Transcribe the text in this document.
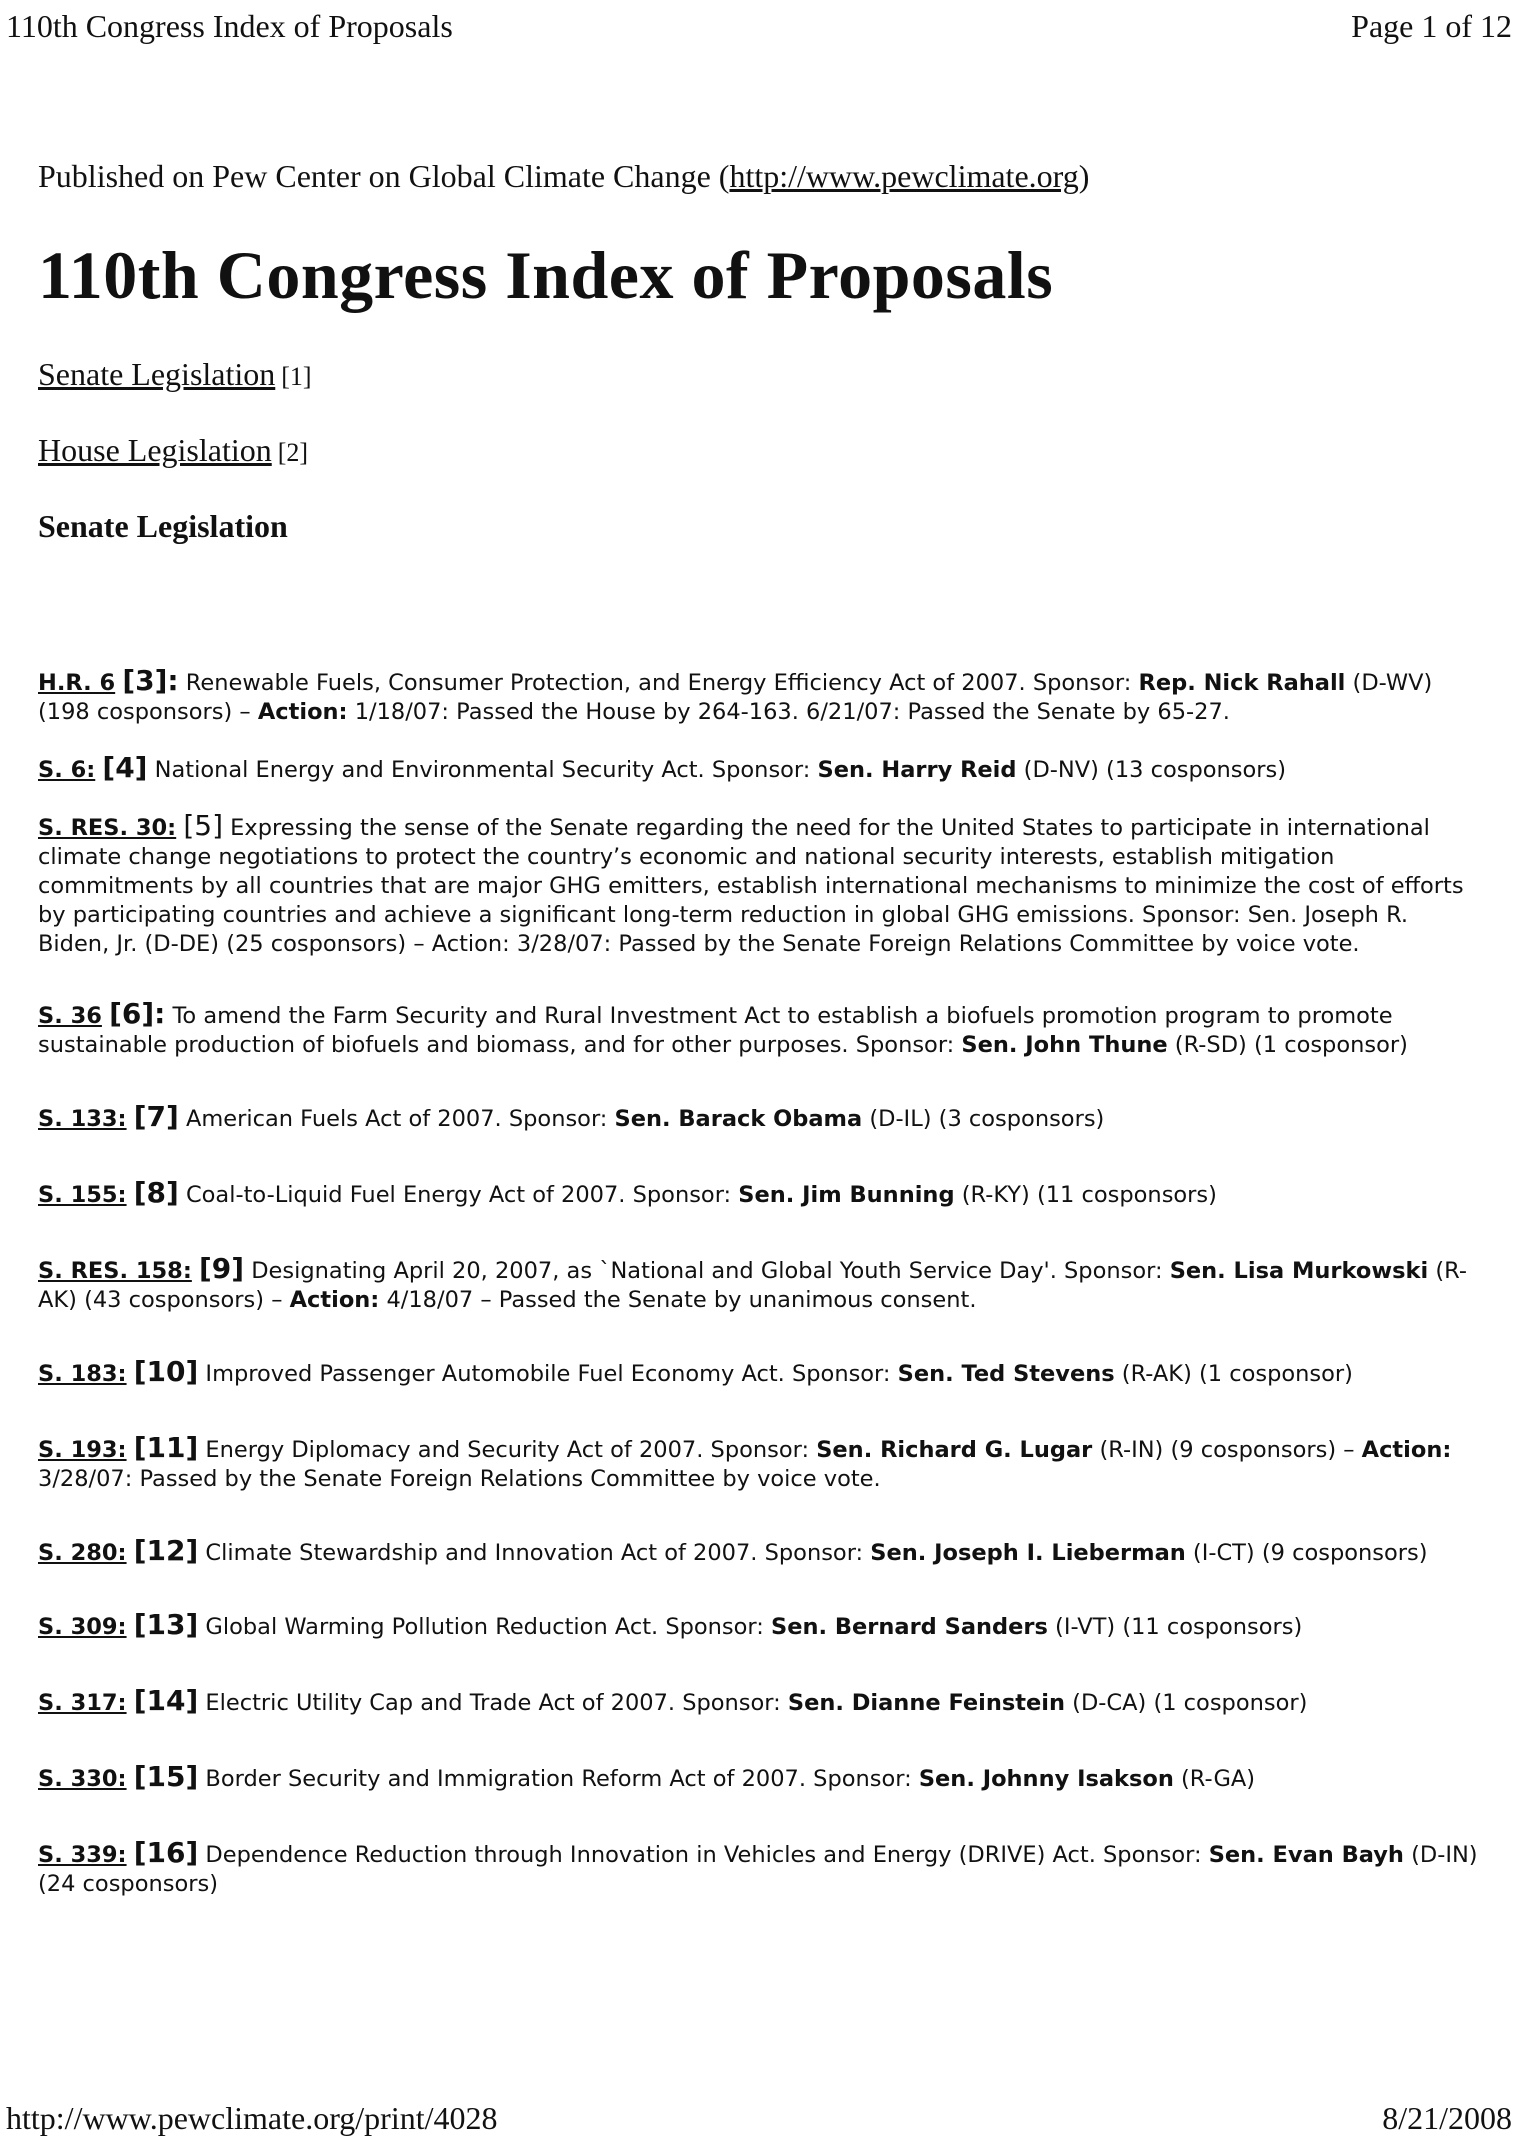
110th Congress Index of Proposals	Page 1 of 12
Published on Pew Center on Global Climate Change (http://www.pewclimate.org)
110th Congress Index of Proposals
Senate Legislation [1]
House Legislation [2]
Senate Legislation

H.R. 6 [3]: Renewable Fuels, Consumer Protection, and Energy Efficiency Act of 2007. Sponsor: Rep. Nick Rahall (D-WV) (198 cosponsors) – Action: 1/18/07: Passed the House by 264-163. 6/21/07: Passed the Senate by 65-27.

S. 6: [4] National Energy and Environmental Security Act. Sponsor: Sen. Harry Reid (D-NV) (13 cosponsors)

S. RES. 30: [5] Expressing the sense of the Senate regarding the need for the United States to participate in international climate change negotiations to protect the country’s economic and national security interests, establish mitigation commitments by all countries that are major GHG emitters, establish international mechanisms to minimize the cost of efforts by participating countries and achieve a significant long-term reduction in global GHG emissions. Sponsor: Sen. Joseph R. Biden, Jr. (D-DE) (25 cosponsors) – Action: 3/28/07: Passed by the Senate Foreign Relations Committee by voice vote.

S. 36 [6]: To amend the Farm Security and Rural Investment Act to establish a biofuels promotion program to promote sustainable production of biofuels and biomass, and for other purposes. Sponsor: Sen. John Thune (R-SD) (1 cosponsor)

S. 133: [7] American Fuels Act of 2007. Sponsor: Sen. Barack Obama (D-IL) (3 cosponsors)

S. 155: [8] Coal-to-Liquid Fuel Energy Act of 2007. Sponsor: Sen. Jim Bunning (R-KY) (11 cosponsors)

S. RES. 158: [9] Designating April 20, 2007, as `National and Global Youth Service Day'. Sponsor: Sen. Lisa Murkowski (R-AK) (43 cosponsors) – Action: 4/18/07 – Passed the Senate by unanimous consent.

S. 183: [10] Improved Passenger Automobile Fuel Economy Act. Sponsor: Sen. Ted Stevens (R-AK) (1 cosponsor)

S. 193: [11] Energy Diplomacy and Security Act of 2007. Sponsor: Sen. Richard G. Lugar (R-IN) (9 cosponsors) – Action: 3/28/07: Passed by the Senate Foreign Relations Committee by voice vote.

S. 280: [12] Climate Stewardship and Innovation Act of 2007. Sponsor: Sen. Joseph I. Lieberman (I-CT) (9 cosponsors)

S. 309: [13] Global Warming Pollution Reduction Act. Sponsor: Sen. Bernard Sanders (I-VT) (11 cosponsors)

S. 317: [14] Electric Utility Cap and Trade Act of 2007. Sponsor: Sen. Dianne Feinstein (D-CA) (1 cosponsor)

S. 330: [15] Border Security and Immigration Reform Act of 2007. Sponsor: Sen. Johnny Isakson (R-GA)

S. 339: [16] Dependence Reduction through Innovation in Vehicles and Energy (DRIVE) Act. Sponsor: Sen. Evan Bayh (D-IN) (24 cosponsors)

http://www.pewclimate.org/print/4028	8/21/2008
